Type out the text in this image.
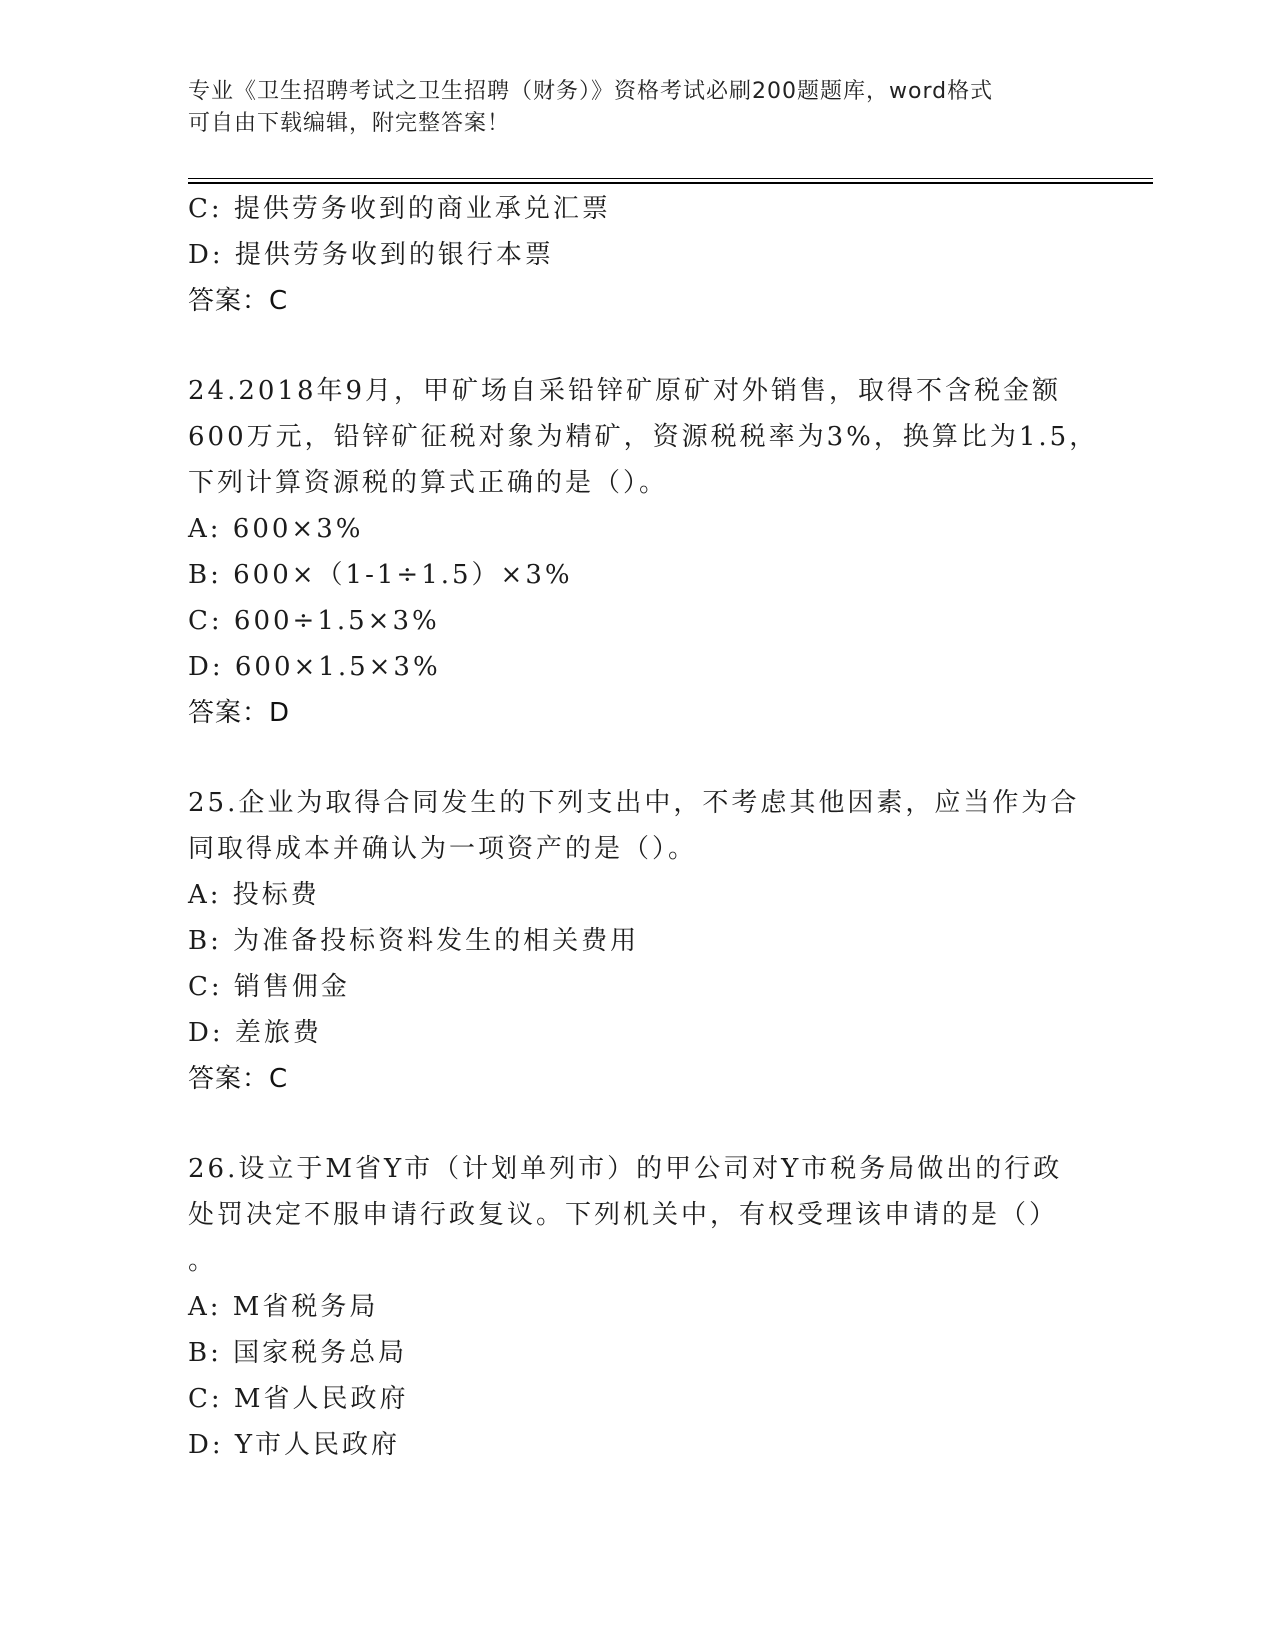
专业《卫生招聘考试之卫生招聘（财务）》资格考试必刷200题题库，word格式

可自由下载编辑，附完整答案！

C: 提供劳务收到的商业承兑汇票
D: 提供劳务收到的银行本票
答案：C
24.2018年9月，甲矿场自采铅锌矿原矿对外销售，取得不含税金额
600万元，铅锌矿征税对象为精矿，资源税税率为3%，换算比为1.5，
下列计算资源税的算式正确的是（）。
A: 600×3%
B: 600×（1-1÷1.5）×3%
C: 600÷1.5×3%
D: 600×1.5×3%
答案：D
25.企业为取得合同发生的下列支出中，不考虑其他因素，应当作为合
同取得成本并确认为一项资产的是（）。
A: 投标费
B: 为准备投标资料发生的相关费用
C: 销售佣金
D: 差旅费
答案：C
26.设立于M省Y市（计划单列市）的甲公司对Y市税务局做出的行政
处罚决定不服申请行政复议。下列机关中，有权受理该申请的是（）
。
A: M省税务局
B: 国家税务总局
C: M省人民政府
D: Y市人民政府
